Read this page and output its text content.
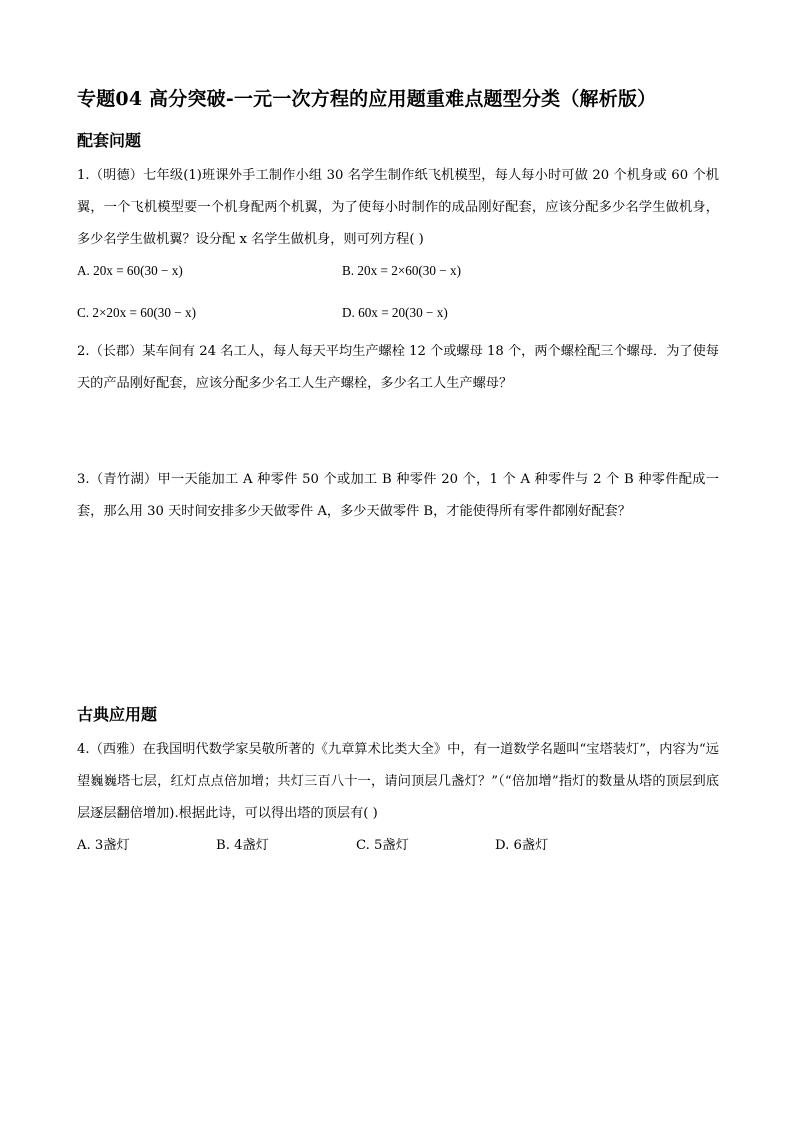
专题04 高分突破-一元一次方程的应用题重难点题型分类（解析版）
配套问题
1.（明德）七年级(1)班课外手工制作小组 30 名学生制作纸飞机模型，每人每小时可做 20 个机身或 60 个机翼，一个飞机模型要一个机身配两个机翼，为了使每小时制作的成品刚好配套，应该分配多少名学生做机身，多少名学生做机翼？设分配 x 名学生做机身，则可列方程( )
A. 20x = 60(30 − x)	B. 20x = 2×60(30 − x)
C. 2×20x = 60(30 − x)	D. 60x = 20(30 − x)
2.（长郡）某车间有 24 名工人，每人每天平均生产螺栓 12 个或螺母 18 个，两个螺栓配三个螺母．为了使每天的产品刚好配套，应该分配多少名工人生产螺栓，多少名工人生产螺母？
3.（青竹湖）甲一天能加工 A 种零件 50 个或加工 B 种零件 20 个，1 个 A 种零件与 2 个 B 种零件配成一套，那么用 30 天时间安排多少天做零件 A，多少天做零件 B，才能使得所有零件都刚好配套？
古典应用题
4.（西雅）在我国明代数学家吴敬所著的《九章算术比类大全》中，有一道数学名题叫“宝塔装灯”，内容为“远望巍巍塔七层，红灯点点倍加增；共灯三百八十一，请问顶层几盏灯？”（“倍加增”指灯的数量从塔的顶层到底层逐层翻倍增加).根据此诗，可以得出塔的顶层有( )
A. 3盏灯	B. 4盏灯	C. 5盏灯	D. 6盏灯
